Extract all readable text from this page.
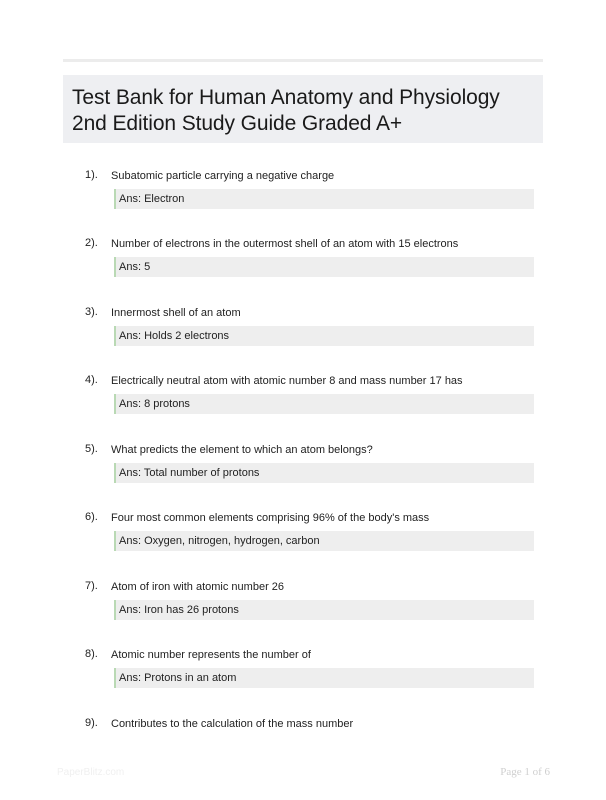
Test Bank for Human Anatomy and Physiology
2nd Edition Study Guide Graded A+
1). Subatomic particle carrying a negative charge
Ans: Electron
2). Number of electrons in the outermost shell of an atom with 15 electrons
Ans: 5
3). Innermost shell of an atom
Ans: Holds 2 electrons
4). Electrically neutral atom with atomic number 8 and mass number 17 has
Ans: 8 protons
5). What predicts the element to which an atom belongs?
Ans: Total number of protons
6). Four most common elements comprising 96% of the body's mass
Ans: Oxygen, nitrogen, hydrogen, carbon
7). Atom of iron with atomic number 26
Ans: Iron has 26 protons
8). Atomic number represents the number of
Ans: Protons in an atom
9). Contributes to the calculation of the mass number
PaperBlitz.com	Page 1 of 6
